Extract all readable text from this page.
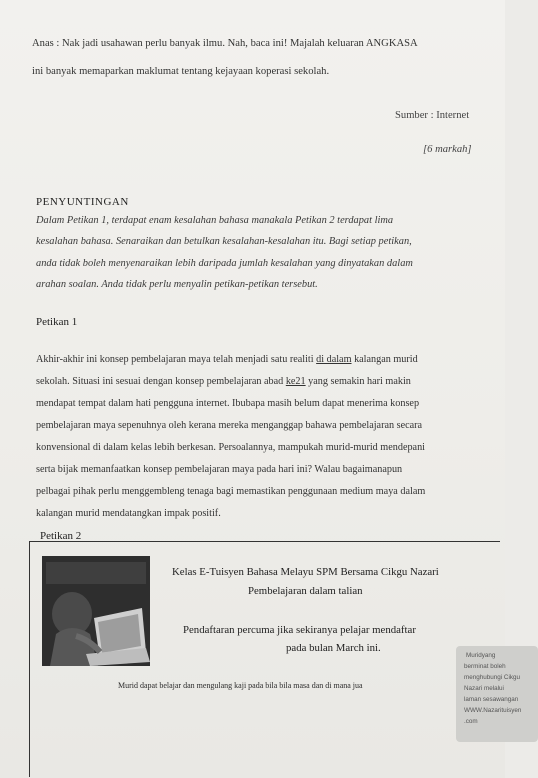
Anas : Nak jadi usahawan perlu banyak ilmu. Nah, baca ini! Majalah keluaran ANGKASA
ini banyak memaparkan maklumat tentang kejayaan koperasi sekolah.
Sumber : Internet
[6 markah]
PENYUNTINGAN
Dalam Petikan 1, terdapat enam kesalahan bahasa manakala Petikan 2 terdapat lima
kesalahan bahasa. Senaraikan dan betulkan kesalahan-kesalahan itu. Bagi setiap petikan,
anda tidak boleh menyenaraikan lebih daripada jumlah kesalahan yang dinyatakan dalam
arahan soalan. Anda tidak perlu menyalin petikan-petikan tersebut.
Petikan 1
Akhir-akhir ini konsep pembelajaran maya telah menjadi satu realiti di dalam kalangan murid
sekolah. Situasi ini sesuai dengan konsep pembelajaran abad ke21 yang semakin hari makin
mendapat tempat dalam hati pengguna internet. Ibubapa masih belum dapat menerima konsep
pembelajaran maya sepenuhnya oleh kerana mereka menganggap bahawa pembelajaran secara
konvensional di dalam kelas lebih berkesan. Persoalannya, mampukah murid-murid mendepani
serta bijak memanfaatkan konsep pembelajaran maya pada hari ini? Walau bagaimanapun
pelbagai pihak perlu menggembleng tenaga bagi memastikan penggunaan medium maya dalam
kalangan murid mendatangkan impak positif.
Petikan 2
Kelas E-Tuisyen Bahasa Melayu SPM Bersama Cikgu Nazari
Pembelajaran dalam talian
Pendaftaran percuma jika sekiranya pelajar mendaftar
pada bulan March ini.
Murid dapat belajar dan mengulang kaji pada bila bila masa dan di mana jua
Muridyang
berminat boleh
menghubungi Cikgu
Nazari melalui
laman sesawangan
WWW.Nazarituisyen
.com
